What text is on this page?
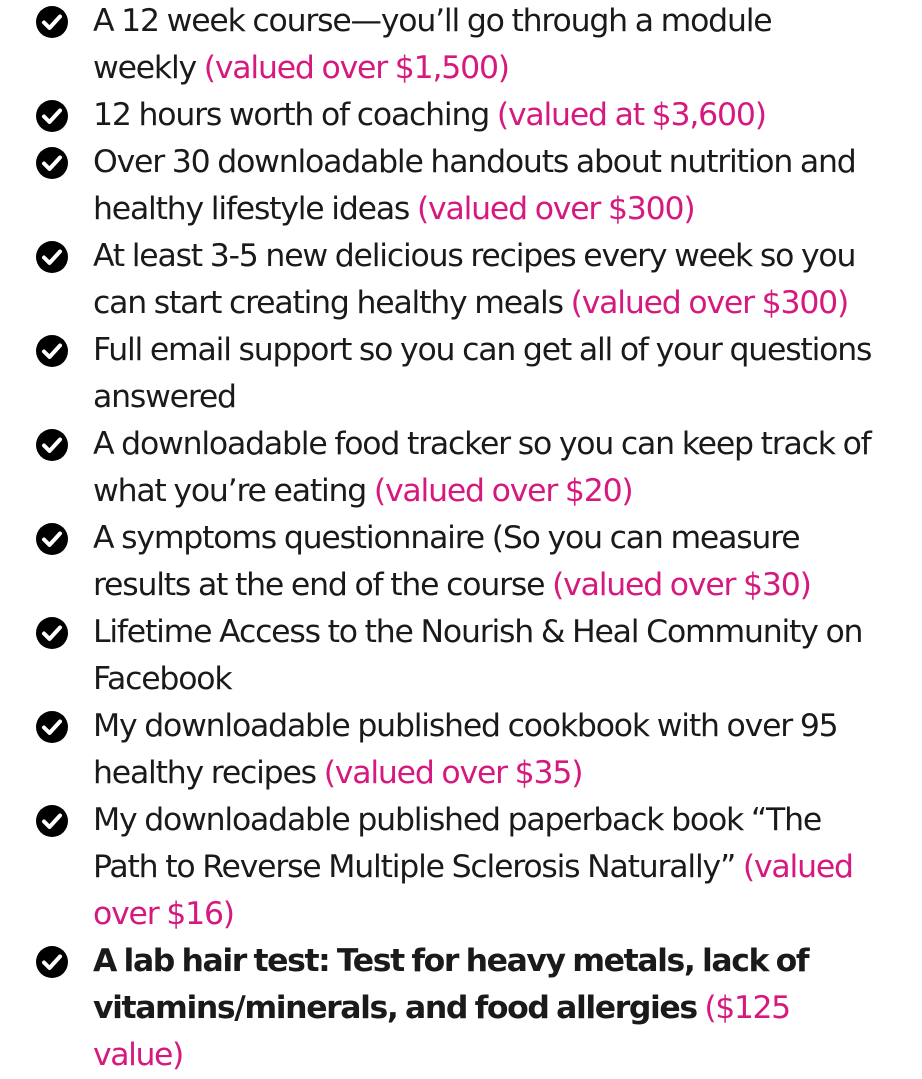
A 12 week course—you’ll go through a module weekly (valued over $1,500)
12 hours worth of coaching (valued at $3,600)
Over 30 downloadable handouts about nutrition and healthy lifestyle ideas (valued over $300)
At least 3-5 new delicious recipes every week so you can start creating healthy meals (valued over $300)
Full email support so you can get all of your questions answered
A downloadable food tracker so you can keep track of what you’re eating (valued over $20)
A symptoms questionnaire (So you can measure results at the end of the course (valued over $30)
Lifetime Access to the Nourish & Heal Community on Facebook
My downloadable published cookbook with over 95 healthy recipes (valued over $35)
My downloadable published paperback book “The Path to Reverse Multiple Sclerosis Naturally” (valued over $16)
A lab hair test: Test for heavy metals, lack of vitamins/minerals, and food allergies ($125 value)
